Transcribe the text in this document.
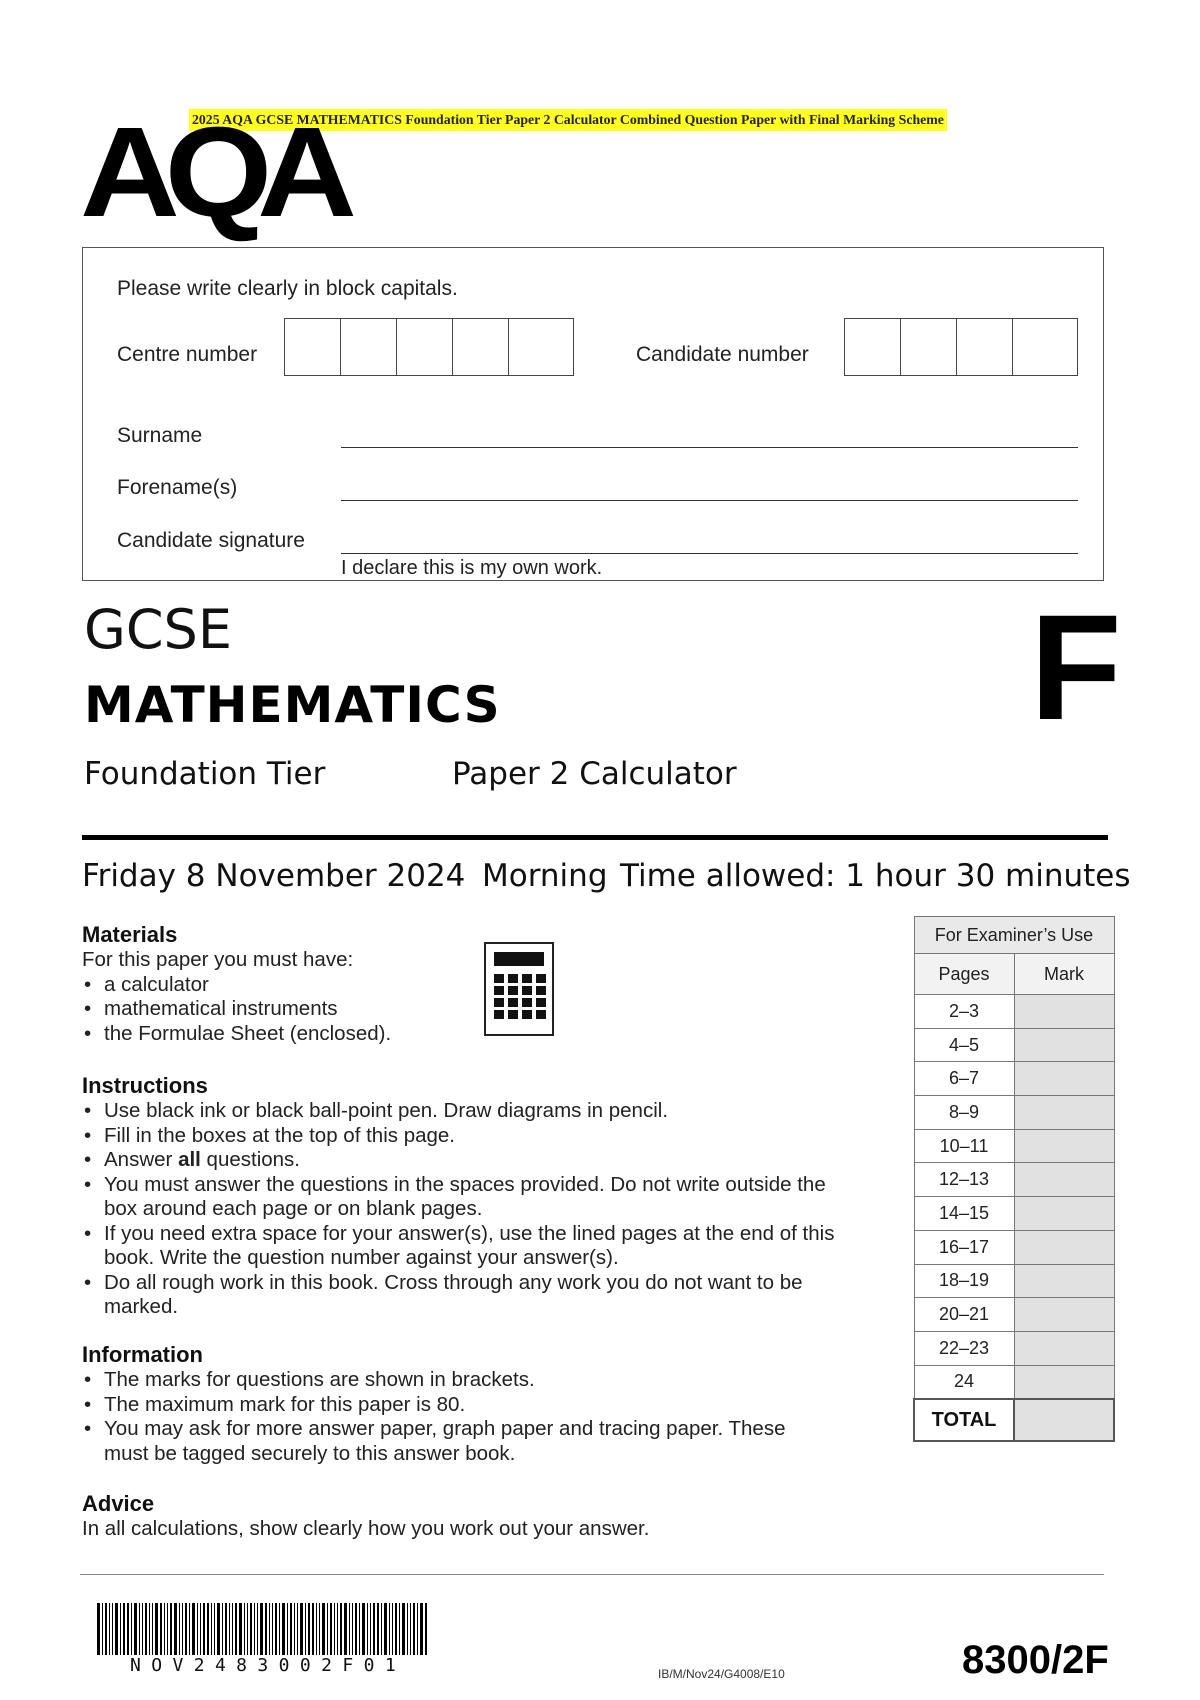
2025 AQA GCSE MATHEMATICS Foundation Tier Paper 2 Calculator Combined Question Paper with Final Marking Scheme
AQA
Please write clearly in block capitals.
Centre number	Candidate number
Surname
Forename(s)
Candidate signature
I declare this is my own work.
GCSE
MATHEMATICS	F
Foundation Tier	Paper 2 Calculator
Friday 8 November 2024 Morning Time allowed: 1 hour 30 minutes
Materials
For this paper you must have:
• a calculator
• mathematical instruments
• the Formulae Sheet (enclosed).
Instructions
• Use black ink or black ball-point pen. Draw diagrams in pencil.
• Fill in the boxes at the top of this page.
• Answer all questions.
• You must answer the questions in the spaces provided. Do not write outside the box around each page or on blank pages.
• If you need extra space for your answer(s), use the lined pages at the end of this book. Write the question number against your answer(s).
• Do all rough work in this book. Cross through any work you do not want to be marked.
Information
• The marks for questions are shown in brackets.
• The maximum mark for this paper is 80.
• You may ask for more answer paper, graph paper and tracing paper. These must be tagged securely to this answer book.
Advice
In all calculations, show clearly how you work out your answer.
For Examiner’s Use	
Pages	Mark
2–3	
4–5	
6–7	
8–9	
10–11	
12–13	
14–15	
16–17	
18–19	
20–21	
22–23	
24	
TOTAL	
NOV2483002F01	IB/M/Nov24/G4008/E10	8300/2F
